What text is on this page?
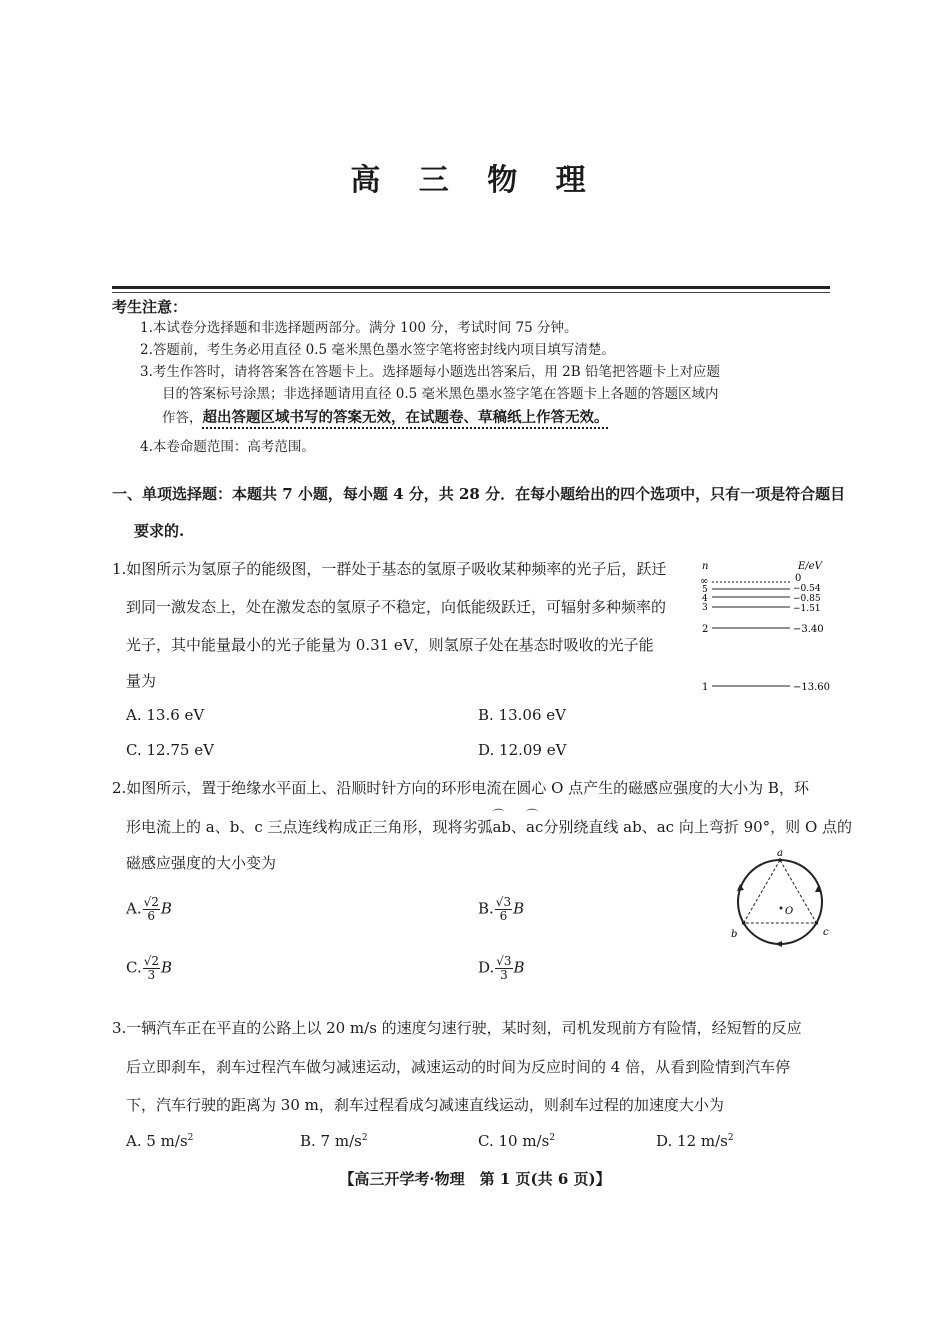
高 三 物 理
考生注意：
1.本试卷分选择题和非选择题两部分。满分 100 分，考试时间 75 分钟。
2.答题前，考生务必用直径 0.5 毫米黑色墨水签字笔将密封线内项目填写清楚。
3.考生作答时，请将答案答在答题卡上。选择题每小题选出答案后，用 2B 铅笔把答题卡上对应题
目的答案标号涂黑；非选择题请用直径 0.5 毫米黑色墨水签字笔在答题卡上各题的答题区域内
作答，超出答题区域书写的答案无效，在试题卷、草稿纸上作答无效。
4.本卷命题范围：高考范围。
一、单项选择题：本题共 7 小题，每小题 4 分，共 28 分．在每小题给出的四个选项中，只有一项是符合题目
要求的.
1.如图所示为氢原子的能级图，一群处于基态的氢原子吸收某种频率的光子后，跃迁
到同一激发态上，处在激发态的氢原子不稳定，向低能级跃迁，可辐射多种频率的
光子，其中能量最小的光子能量为 0.31 eV，则氢原子处在基态时吸收的光子能
量为
A. 13.6 eV	B. 13.06 eV
C. 12.75 eV	D. 12.09 eV
n	E/eV
∞	0
5	−0.54
4	−0.85
3	−1.51
2	−3.40
1	−13.60
2.如图所示，置于绝缘水平面上、沿顺时针方向的环形电流在圆心 O 点产生的磁感应强度的大小为 B，环
形电流上的 a、b、c 三点连线构成正三角形，现将劣弧⌒ ab、⌒ ac分别绕直线 ab、ac 向上弯折 90°，则 O 点的
磁感应强度的大小变为
A. $\frac{√2}{6}$ B	B. $\frac{√3}{6}$ B
C. $\frac{√2}{3}$ B	D. $\frac{√3}{3}$ B
a
b	c
O
3.一辆汽车正在平直的公路上以 20 m/s 的速度匀速行驶，某时刻，司机发现前方有险情，经短暂的反应
后立即刹车，刹车过程汽车做匀减速运动，减速运动的时间为反应时间的 4 倍，从看到险情到汽车停
下，汽车行驶的距离为 30 m，刹车过程看成匀减速直线运动，则刹车过程的加速度大小为
A. 5 $m/s^2$	B. 7 $m/s^2$	C. 10 $m/s^2$	D. 12 $m/s^2$
【高三开学考·物理　第 1 页(共 6 页)】
